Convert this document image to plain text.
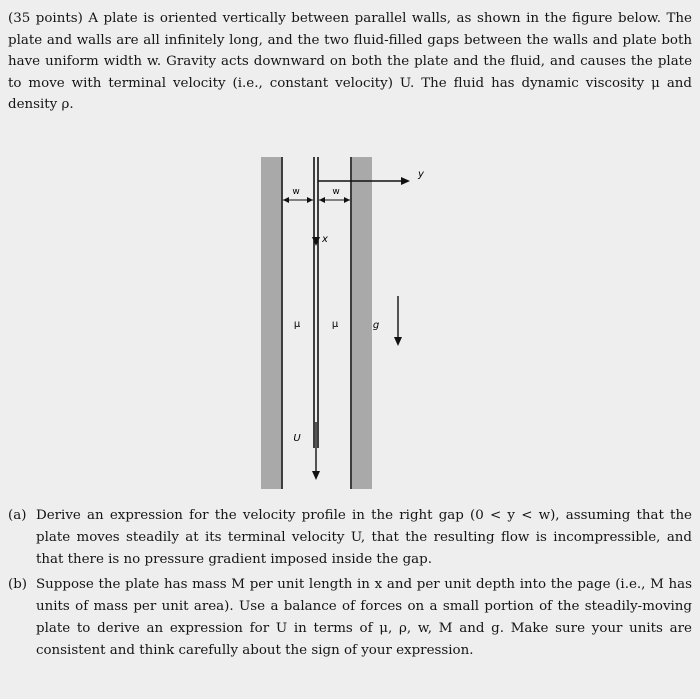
(35 points) A plate is oriented vertically between parallel walls, as shown in the figure below. The plate and walls are all infinitely long, and the two fluid-filled gaps between the walls and plate both have uniform width w. Gravity acts downward on both the plate and the fluid, and causes the plate to move with terminal velocity (i.e., constant velocity) U. The fluid has dynamic viscosity μ and density ρ.

w	w
y
x
μ	μ	g
U
(a) Derive an expression for the velocity profile in the right gap (0 < y < w), assuming that the plate moves steadily at its terminal velocity U, that the resulting flow is incompressible, and that there is no pressure gradient imposed inside the gap.
(b) Suppose the plate has mass M per unit length in x and per unit depth into the page (i.e., M has units of mass per unit area). Use a balance of forces on a small portion of the steadily-moving plate to derive an expression for U in terms of μ, ρ, w, M and g. Make sure your units are consistent and think carefully about the sign of your expression.
